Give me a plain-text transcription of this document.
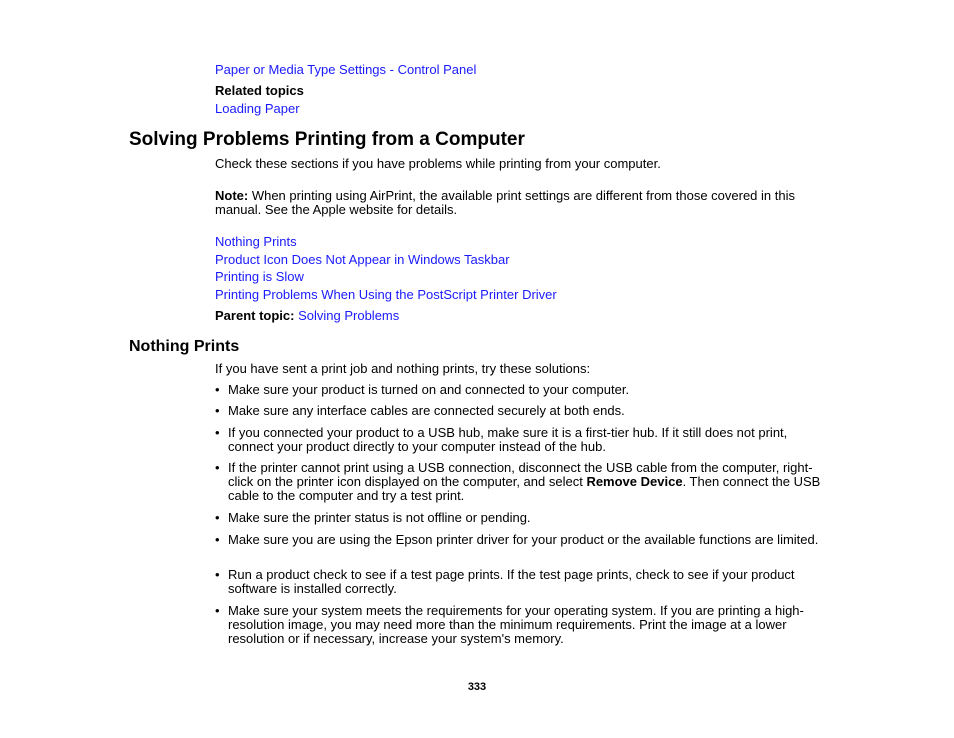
Paper or Media Type Settings - Control Panel
Related topics
Loading Paper
Solving Problems Printing from a Computer
Check these sections if you have problems while printing from your computer.
Note: When printing using AirPrint, the available print settings are different from those covered in this manual. See the Apple website for details.
Nothing Prints
Product Icon Does Not Appear in Windows Taskbar
Printing is Slow
Printing Problems When Using the PostScript Printer Driver
Parent topic: Solving Problems
Nothing Prints
If you have sent a print job and nothing prints, try these solutions:
• Make sure your product is turned on and connected to your computer.
• Make sure any interface cables are connected securely at both ends.
• If you connected your product to a USB hub, make sure it is a first-tier hub. If it still does not print, connect your product directly to your computer instead of the hub.
• If the printer cannot print using a USB connection, disconnect the USB cable from the computer, right-click on the printer icon displayed on the computer, and select Remove Device. Then connect the USB cable to the computer and try a test print.
• Make sure the printer status is not offline or pending.
• Make sure you are using the Epson printer driver for your product or the available functions are limited.
• Run a product check to see if a test page prints. If the test page prints, check to see if your product software is installed correctly.
• Make sure your system meets the requirements for your operating system. If you are printing a high-resolution image, you may need more than the minimum requirements. Print the image at a lower resolution or if necessary, increase your system's memory.
333
